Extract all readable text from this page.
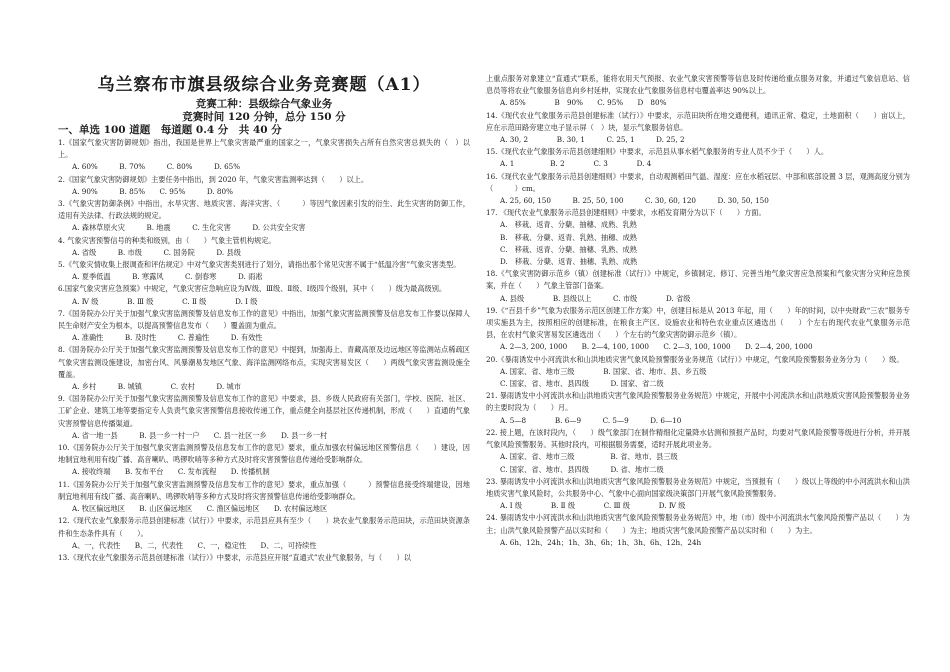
乌兰察布市旗县级综合业务竞赛题（A1）
竞赛工种：县级综合气象业务
竞赛时间 120 分钟，总分 150 分
一、单选 100 道题　每道题 0.4 分　共 40 分
1.《国家气象灾害防御规划》指出，我国是世界上气象灾害最严重的国家之一，气象灾害损失占所有自然灾害总损失的（　）以上。
A. 60%　　　B. 70%　　　C. 80%　　　D. 65%
2.《国家气象灾害防御规划》主要任务中指出，到 2020 年，气象灾害监测率达到（　　）以上。
A. 90%　　　B. 85%　　C. 95%　　　D. 80%
3.《气象灾害防御条例》中指出，水旱灾害、地质灾害、海洋灾害、（　　　）等因气象因素引发的衍生、此生灾害的防御工作，适用有关法律、行政法规的规定。
A. 森林草原火灾　　　B. 地震　　　C. 生化灾害　　　D. 公共安全灾害
4. 气象灾害预警信号的种类和级别，由（　　）气象主管机构规定。
A. 省级　　　B. 市级　　　C. 国务院　　　D. 县级
5.《气象灾情收集上报调查和评估规定》中对气象灾害类别进行了划分，请指出那个常见灾害不属于“低温冷害”气象灾害类型。
A. 夏季低温　　　B. 寒露风　　　C. 倒春寒　　　D. 雨凇
6.国家气象灾害应急预案》中规定，气象灾害应急响应设为Ⅳ级、Ⅲ级、Ⅱ级、Ⅰ级四个级别，其中（　　）级为最高级别。
A. Ⅳ 级　　　　B. Ⅲ 级　　　　C. Ⅱ 级　　　　D. Ⅰ 级
7.《国务院办公厅关于加强气象灾害监测预警及信息发布工作的意见》中指出，加强气象灾害监测预警及信息发布工作要以保障人民生命财产安全为根本，以提高预警信息发布（　　）覆盖面为重点。
A. 准确性　　　B. 及时性　　　C. 普遍性　　　D. 有效性
8.《国务院办公厅关于加强气象灾害监测预警及信息发布工作的意见》中提到，加强海上、青藏高原及边远地区等监测站点稀疏区气象灾害监测设施建设，加密台风、风暴潮易发地区气象、海洋监测网络布点，实现灾害易发区（　　）两级气象灾害监测设施全覆盖。
A. 乡村　　　B. 城镇　　　　C. 农村　　　D. 城市
9.《国务院办公厅关于加强气象灾害监测预警及信息发布工作的意见》中要求，县、乡级人民政府有关部门，学校、医院、社区、工矿企业、建筑工地等要指定专人负责气象灾害预警信息接收传递工作，重点健全向基层社区传递机制，形成（　　）直通的气象灾害预警信息传播渠道。
A. 省一地一县　　　B. 县一乡一村一户　　C. 县一社区一乡　　D. 县一乡一村
10.《国务院办公厅关于加强气象灾害监测预警及信息发布工作的意见》要求，重点加强农村偏远地区预警信息（　　）建设，因地制宜地利用有线广播、高音喇叭、鸣锣吹哨等多种方式及时将灾害预警信息传递给受影响群众。
A. 接收终端　　B. 发布平台　　C. 发布流程　　D. 传播机制
11.《国务院办公厅关于加强气象灾害监测预警及信息发布工作的意见》要求，重点加强（　　　）预警信息接受终端建设，因地制宜地利用有线广播、高音喇叭、鸣锣吹哨等多种方式及时将灾害预警信息传递给受影响群众。
A. 牧区偏远地区　　B. 山区偏远地区　　C. 渔区偏远地区　　D. 农村偏远地区
12.《现代农业气象服务示范县创建标准（试行）》中要求，示范县应具有至少（　　）块农业气象服务示范田块，示范田块资源条件和生态条件具有（　　）。
A、一，代表性　　B、二，代表性　　C、一，稳定性　　D、二，可持续性
13.《现代农业气象服务示范县创建标准（试行）》中要求，示范县应开展“直通式”农业气象服务，与（　　）以
上重点服务对象建立“直通式”联系，能将农用天气预报、农业气象灾害预警等信息及时传递给重点服务对象，并通过气象信息站、信息员等将农业气象服务信息向乡村延伸，实现农业气象服务信息村屯覆盖率达 90%以上。
A. 85%　　　　B　90%　　C. 95%　　D　80%
14.《现代农业气象服务示范县创建标准（试行）》中要求，示范田块所在地交通便利，通讯正常、稳定，土地面积（　　）亩以上，应在示范田路旁建立电子显示屏（　）块，显示气象服务信息。
A. 30, 2　　　　B. 30, 1　　　C. 25, 1　　　D. 25, 2
15.《现代农业气象服务示范县创建细则》中要求，示范县从事水稻气象服务的专业人员不少于（　　）人。
A. 1　　　　　B. 2　　　　C. 3　　　　D. 4
16.《现代农业气象服务示范县创建细则》中要求，自动观测稻田气温、湿度：应在水稻冠层、中部和底部设置 3 层，观测高度分别为（　　　）cm。
A. 25, 60, 150　　　B. 25, 50, 100　　　C. 30, 60, 120　　　D. 30, 50, 150
17. 《现代农业气象服务示范县创建细则》中要求，水稻发育期分为以下（　　）方面。
A.　移栽、返青、分蘖、抽穗、成熟、乳熟
B.　移栽、分蘖、返青、乳熟、抽穗、成熟
C.　移栽、返青、分蘖、抽穗、乳熟、成熟
D.　移栽、分蘖、返青、抽穗、乳熟、成熟
18.《气象灾害防御示范乡（镇）创建标准（试行）》中规定，乡镇制定、修订、完善当地气象灾害应急预案和气象灾害分灾种应急预案，并在（　　）气象主管部门备案。
A. 县级　　　　B. 县级以上　　　C. 市级　　　　D. 省级
19.《“百县千乡”气象为农服务示范区创建工作方案》中，创建目标是从 2013 年起，用（　　）年的时间，以中央财政“三农”服务专项实施县为主，按照相应的创建标准，在粮食主产区、设施农业和特色农业重点区遴选出（　　）个左右的现代农业气象服务示范县，在农村气象灾害易发区遴选出（　　）个左右的气象灾害防御示范乡（镇）。
A. 2—3, 200, 1000　　B. 2—4, 100, 1000　　C. 2—3, 100, 1000　　D. 2—4, 200, 1000
20.《暴雨诱发中小河流洪水和山洪地质灾害气象风险预警服务业务规范（试行）》中规定，气象风险预警服务业务分为（　　）级。
A. 国家、省、地市三级　　　　B. 国家、省、地市、县、乡五级
C. 国家、省、地市、县四级　　　D. 国家、省二级
21. 暴雨诱发中小河流洪水和山洪地质灾害气象风险预警服务业务规范》中规定，开展中小河流洪水和山洪地质灾害风险预警服务业务的主要时段为（　　）月。
A. 5—8　　　　B. 6—9　　　C. 5—9　　　D. 6—10
22. 接上题，在该时段内，（　　）级气象部门在制作精细化定量降水估测和预报产品时，均要对气象风险预警等级进行分析，并开展气象风险预警服务。其他时段内，可根据服务需要，适时开展此项业务。
A. 国家、省、地市三级　　　　　B. 省、地市、县三级
C. 国家、省、地市、县四级　　　D. 省、地市二级
23. 暴雨诱发中小河流洪水和山洪地质灾害气象风险预警服务业务规范》中规定，当预报有（　　）级以上等级的中小河流洪水和山洪地质灾害气象风险时，公共服务中心、气象中心面向国家级决策部门开展气象风险预警服务。
A. Ⅰ 级　　　　B. Ⅱ 级　　　　C. Ⅲ 级　　　　D. Ⅳ 级
24. 暴雨诱发中小河流洪水和山洪地质灾害气象风险预警服务业务规范》中，地（市）级中小河流洪水气象风险预警产品以（　　）为主；山洪气象风险预警产品以实时和（　　）为主；地质灾害气象风险预警产品以实时和（　　）为主。
A. 6h、12h、24h；1h、3h、6h；1h、3h、6h、12h、24h
